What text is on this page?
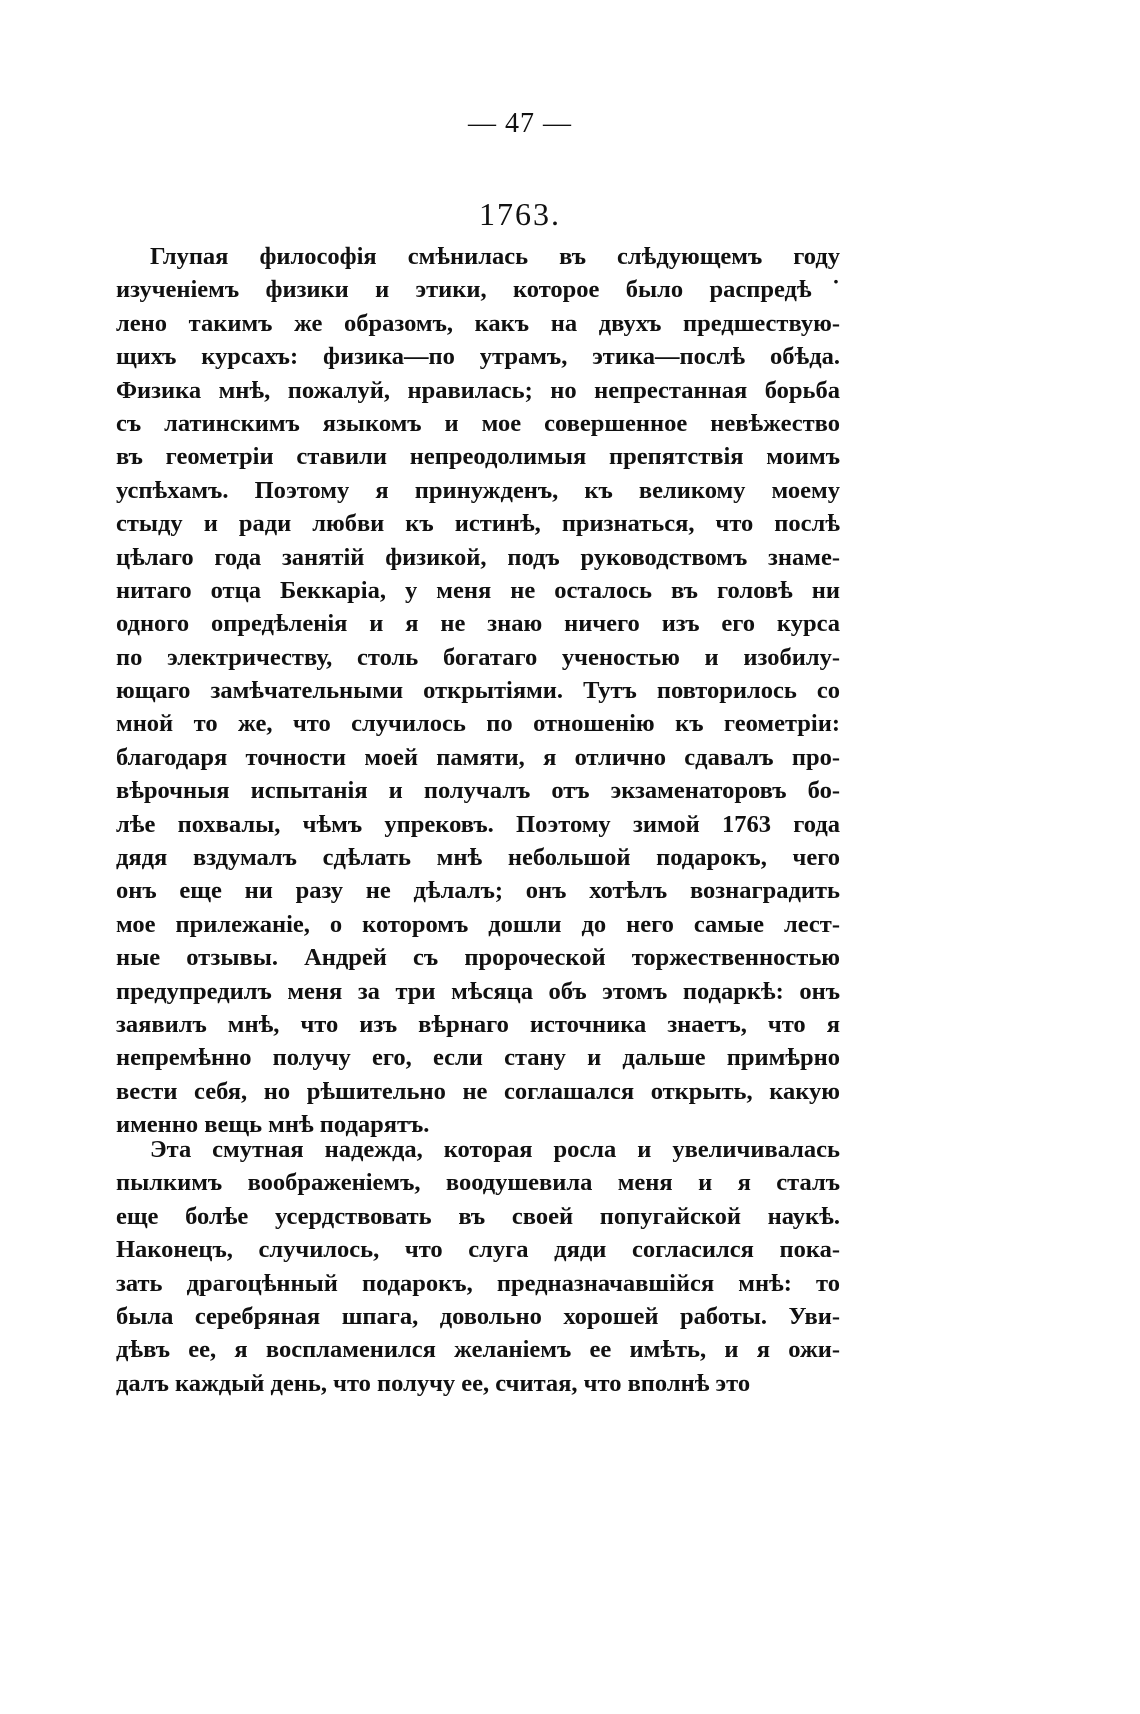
— 47 —
1763.
Глупая философія смѣнилась въ слѣдующемъ году
изученіемъ физики и этики, которое было распредѣ˙
лено такимъ же образомъ, какъ на двухъ предшествую-
щихъ курсахъ: физика—по утрамъ, этика—послѣ обѣда.
Физика мнѣ, пожалуй, нравилась; но непрестанная борьба
съ латинскимъ языкомъ и мое совершенное невѣжество
въ геометріи ставили непреодолимыя препятствія моимъ
успѣхамъ. Поэтому я принужденъ, къ великому моему
стыду и ради любви къ истинѣ, признаться, что послѣ
цѣлаго года занятій физикой, подъ руководствомъ знаме-
нитаго отца Беккаріа, у меня не осталось въ головѣ ни
одного опредѣленія и я не знаю ничего изъ его курса
по электричеству, столь богатаго ученостью и изобилу-
ющаго замѣчательными открытіями. Тутъ повторилось со
мной то же, что случилось по отношенію къ геометріи:
благодаря точности моей памяти, я отлично сдавалъ про-
вѣрочныя испытанія и получалъ отъ экзаменаторовъ бо-
лѣе похвалы, чѣмъ упрековъ. Поэтому зимой 1763 года
дядя вздумалъ сдѣлать мнѣ небольшой подарокъ, чего
онъ еще ни разу не дѣлалъ; онъ хотѣлъ вознаградить
мое прилежаніе, о которомъ дошли до него самые лест-
ные отзывы. Андрей съ пророческой торжественностью
предупредилъ меня за три мѣсяца объ этомъ подаркѣ: онъ
заявилъ мнѣ, что изъ вѣрнаго источника знаетъ, что я
непремѣнно получу его, если стану и дальше примѣрно
вести себя, но рѣшительно не соглашался открыть, какую
именно вещь мнѣ подарятъ.
Эта смутная надежда, которая росла и увеличивалась
пылкимъ воображеніемъ, воодушевила меня и я сталъ
еще болѣе усердствовать въ своей попугайской наукѣ.
Наконецъ, случилось, что слуга дяди согласился пока-
зать драгоцѣнный подарокъ, предназначавшійся мнѣ: то
была серебряная шпага, довольно хорошей работы. Уви-
дѣвъ ее, я воспламенился желаніемъ ее имѣть, и я ожи-
далъ каждый день, что получу ее, считая, что вполнѣ это
